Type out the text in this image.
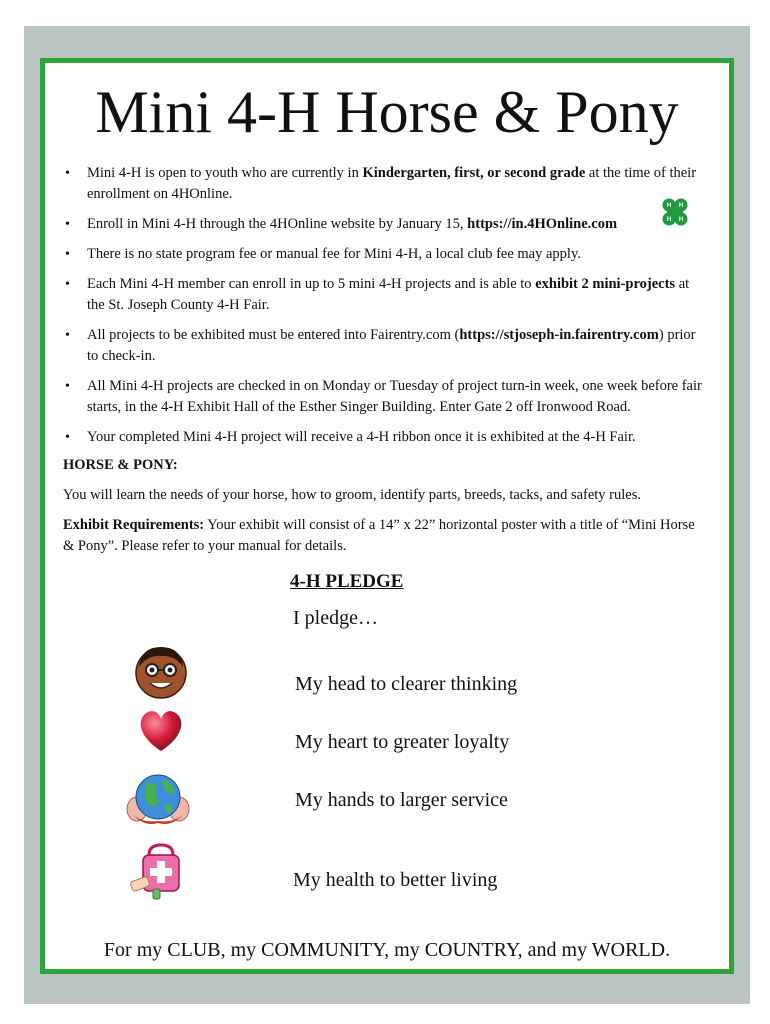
Mini 4-H Horse & Pony
• Mini 4-H is open to youth who are currently in Kindergarten, first, or second grade at the time of their enrollment on 4HOnline.
• Enroll in Mini 4-H through the 4HOnline website by January 15, https://in.4HOnline.com
• There is no state program fee or manual fee for Mini 4-H, a local club fee may apply.
• Each Mini 4-H member can enroll in up to 5 mini 4-H projects and is able to exhibit 2 mini-projects at the St. Joseph County 4-H Fair.
• All projects to be exhibited must be entered into Fairentry.com (https://stjoseph-in.fairentry.com) prior to check-in.
• All Mini 4-H projects are checked in on Monday or Tuesday of project turn-in week, one week before fair starts, in the 4-H Exhibit Hall of the Esther Singer Building. Enter Gate 2 off Ironwood Road.
• Your completed Mini 4-H project will receive a 4-H ribbon once it is exhibited at the 4-H Fair.
H H
H H

HORSE & PONY:

You will learn the needs of your horse, how to groom, identify parts, breeds, tacks, and safety rules.

Exhibit Requirements: Your exhibit will consist of a 14” x 22” horizontal poster with a title of “Mini Horse & Pony”. Please refer to your manual for details.

4-H PLEDGE
I pledge…
My head to clearer thinking
My heart to greater loyalty
My hands to larger service
My health to better living
For my CLUB, my COMMUNITY, my COUNTRY, and my WORLD.
